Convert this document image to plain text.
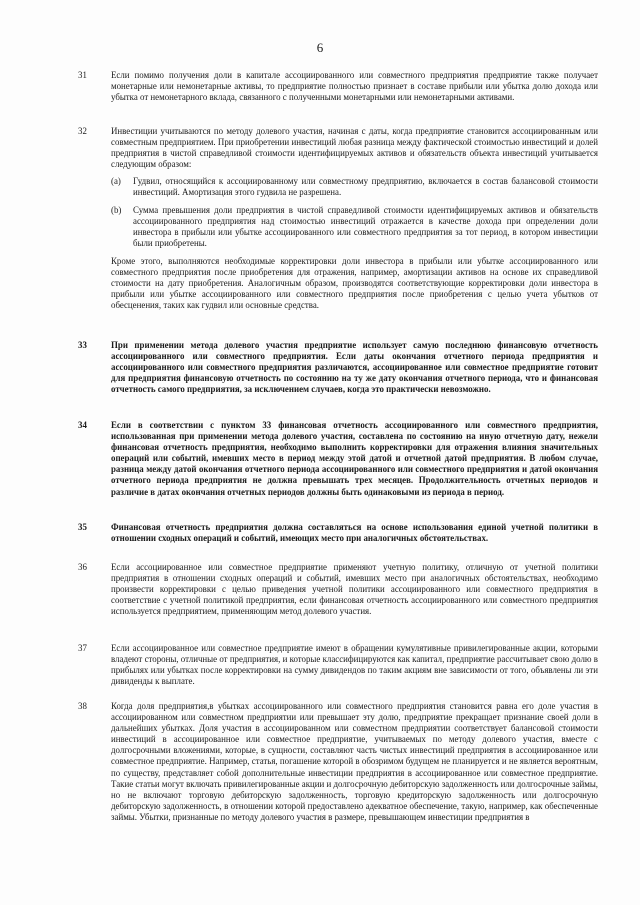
6
31	Если помимо получения доли в капитале ассоциированного или совместного предприятия предприятие также получает монетарные или немонетарные активы, то предприятие полностью признает в составе прибыли или убытка долю дохода или убытка от немонетарного вклада, связанного с полученными монетарными или немонетарными активами.
32	Инвестиции учитываются по методу долевого участия, начиная с даты, когда предприятие становится ассоциированным или совместным предприятием. При приобретении инвестиций любая разница между фактической стоимостью инвестиций и долей предприятия в чистой справедливой стоимости идентифицируемых активов и обязательств объекта инвестиций учитывается следующим образом:
(a) Гудвил, относящийся к ассоциированному или совместному предприятию, включается в состав балансовой стоимости инвестиций. Амортизация этого гудвила не разрешена.
(b) Сумма превышения доли предприятия в чистой справедливой стоимости идентифицируемых активов и обязательств ассоциированного предприятия над стоимостью инвестиций отражается в качестве дохода при определении доли инвестора в прибыли или убытке ассоциированного или совместного предприятия за тот период, в котором инвестиции были приобретены.
Кроме этого, выполняются необходимые корректировки доли инвестора в прибыли или убытке ассоциированного или совместного предприятия после приобретения для отражения, например, амортизации активов на основе их справедливой стоимости на дату приобретения. Аналогичным образом, производятся соответствующие корректировки доли инвестора в прибыли или убытке ассоциированного или совместного предприятия после приобретения с целью учета убытков от обесценения, таких как гудвил или основные средства.
33	При применении метода долевого участия предприятие использует самую последнюю финансовую отчетность ассоциированного или совместного предприятия. Если даты окончания отчетного периода предприятия и ассоциированного или совместного предприятия различаются, ассоциированное или совместное предприятие готовит для предприятия финансовую отчетность по состоянию на ту же дату окончания отчетного периода, что и финансовая отчетность самого предприятия, за исключением случаев, когда это практически невозможно.
34	Если в соответствии с пунктом 33 финансовая отчетность ассоциированного или совместного предприятия, использованная при применении метода долевого участия, составлена по состоянию на иную отчетную дату, нежели финансовая отчетность предприятия, необходимо выполнить корректировки для отражения влияния значительных операций или событий, имевших место в период между этой датой и отчетной датой предприятия. В любом случае, разница между датой окончания отчетного периода ассоциированного или совместного предприятия и датой окончания отчетного периода предприятия не должна превышать трех месяцев. Продолжительность отчетных периодов и различие в датах окончания отчетных периодов должны быть одинаковыми из периода в период.
35	Финансовая отчетность предприятия должна составляться на основе использования единой учетной политики в отношении сходных операций и событий, имеющих место при аналогичных обстоятельствах.
36	Если ассоциированное или совместное предприятие применяют учетную политику, отличную от учетной политики предприятия в отношении сходных операций и событий, имевших место при аналогичных обстоятельствах, необходимо произвести корректировки с целью приведения учетной политики ассоциированного или совместного предприятия в соответствие с учетной политикой предприятия, если финансовая отчетность ассоциированного или совместного предприятия используется предприятием, применяющим метод долевого участия.
37	Если ассоциированное или совместное предприятие имеют в обращении кумулятивные привилегированные акции, которыми владеют стороны, отличные от предприятия, и которые классифицируются как капитал, предприятие рассчитывает свою долю в прибылях или убытках после корректировки на сумму дивидендов по таким акциям вне зависимости от того, объявлены ли эти дивиденды к выплате.
38	Когда доля предприятия,в убытках ассоциированного или совместного предприятия становится равна его доле участия в ассоциированном или совместном предприятии или превышает эту долю, предприятие прекращает признание своей доли в дальнейших убытках. Доля участия в ассоциированном или совместном предприятии соответствует балансовой стоимости инвестиций в ассоциированное или совместное предприятие, учитываемых по методу долевого участия, вместе с долгосрочными вложениями, которые, в сущности, составляют часть чистых инвестиций предприятия в ассоциированное или совместное предприятие. Например, статья, погашение которой в обозримом будущем не планируется и не является вероятным, по существу, представляет собой дополнительные инвестиции предприятия в ассоциированное или совместное предприятие. Такие статьи могут включать привилегированные акции и долгосрочную дебиторскую задолженность или долгосрочные займы, но не включают торговую дебиторскую задолженность, торговую кредиторскую задолженность или долгосрочную дебиторскую задолженность, в отношении которой предоставлено адекватное обеспечение, такую, например, как обеспеченные займы. Убытки, признанные по методу долевого участия в размере, превышающем инвестиции предприятия в
